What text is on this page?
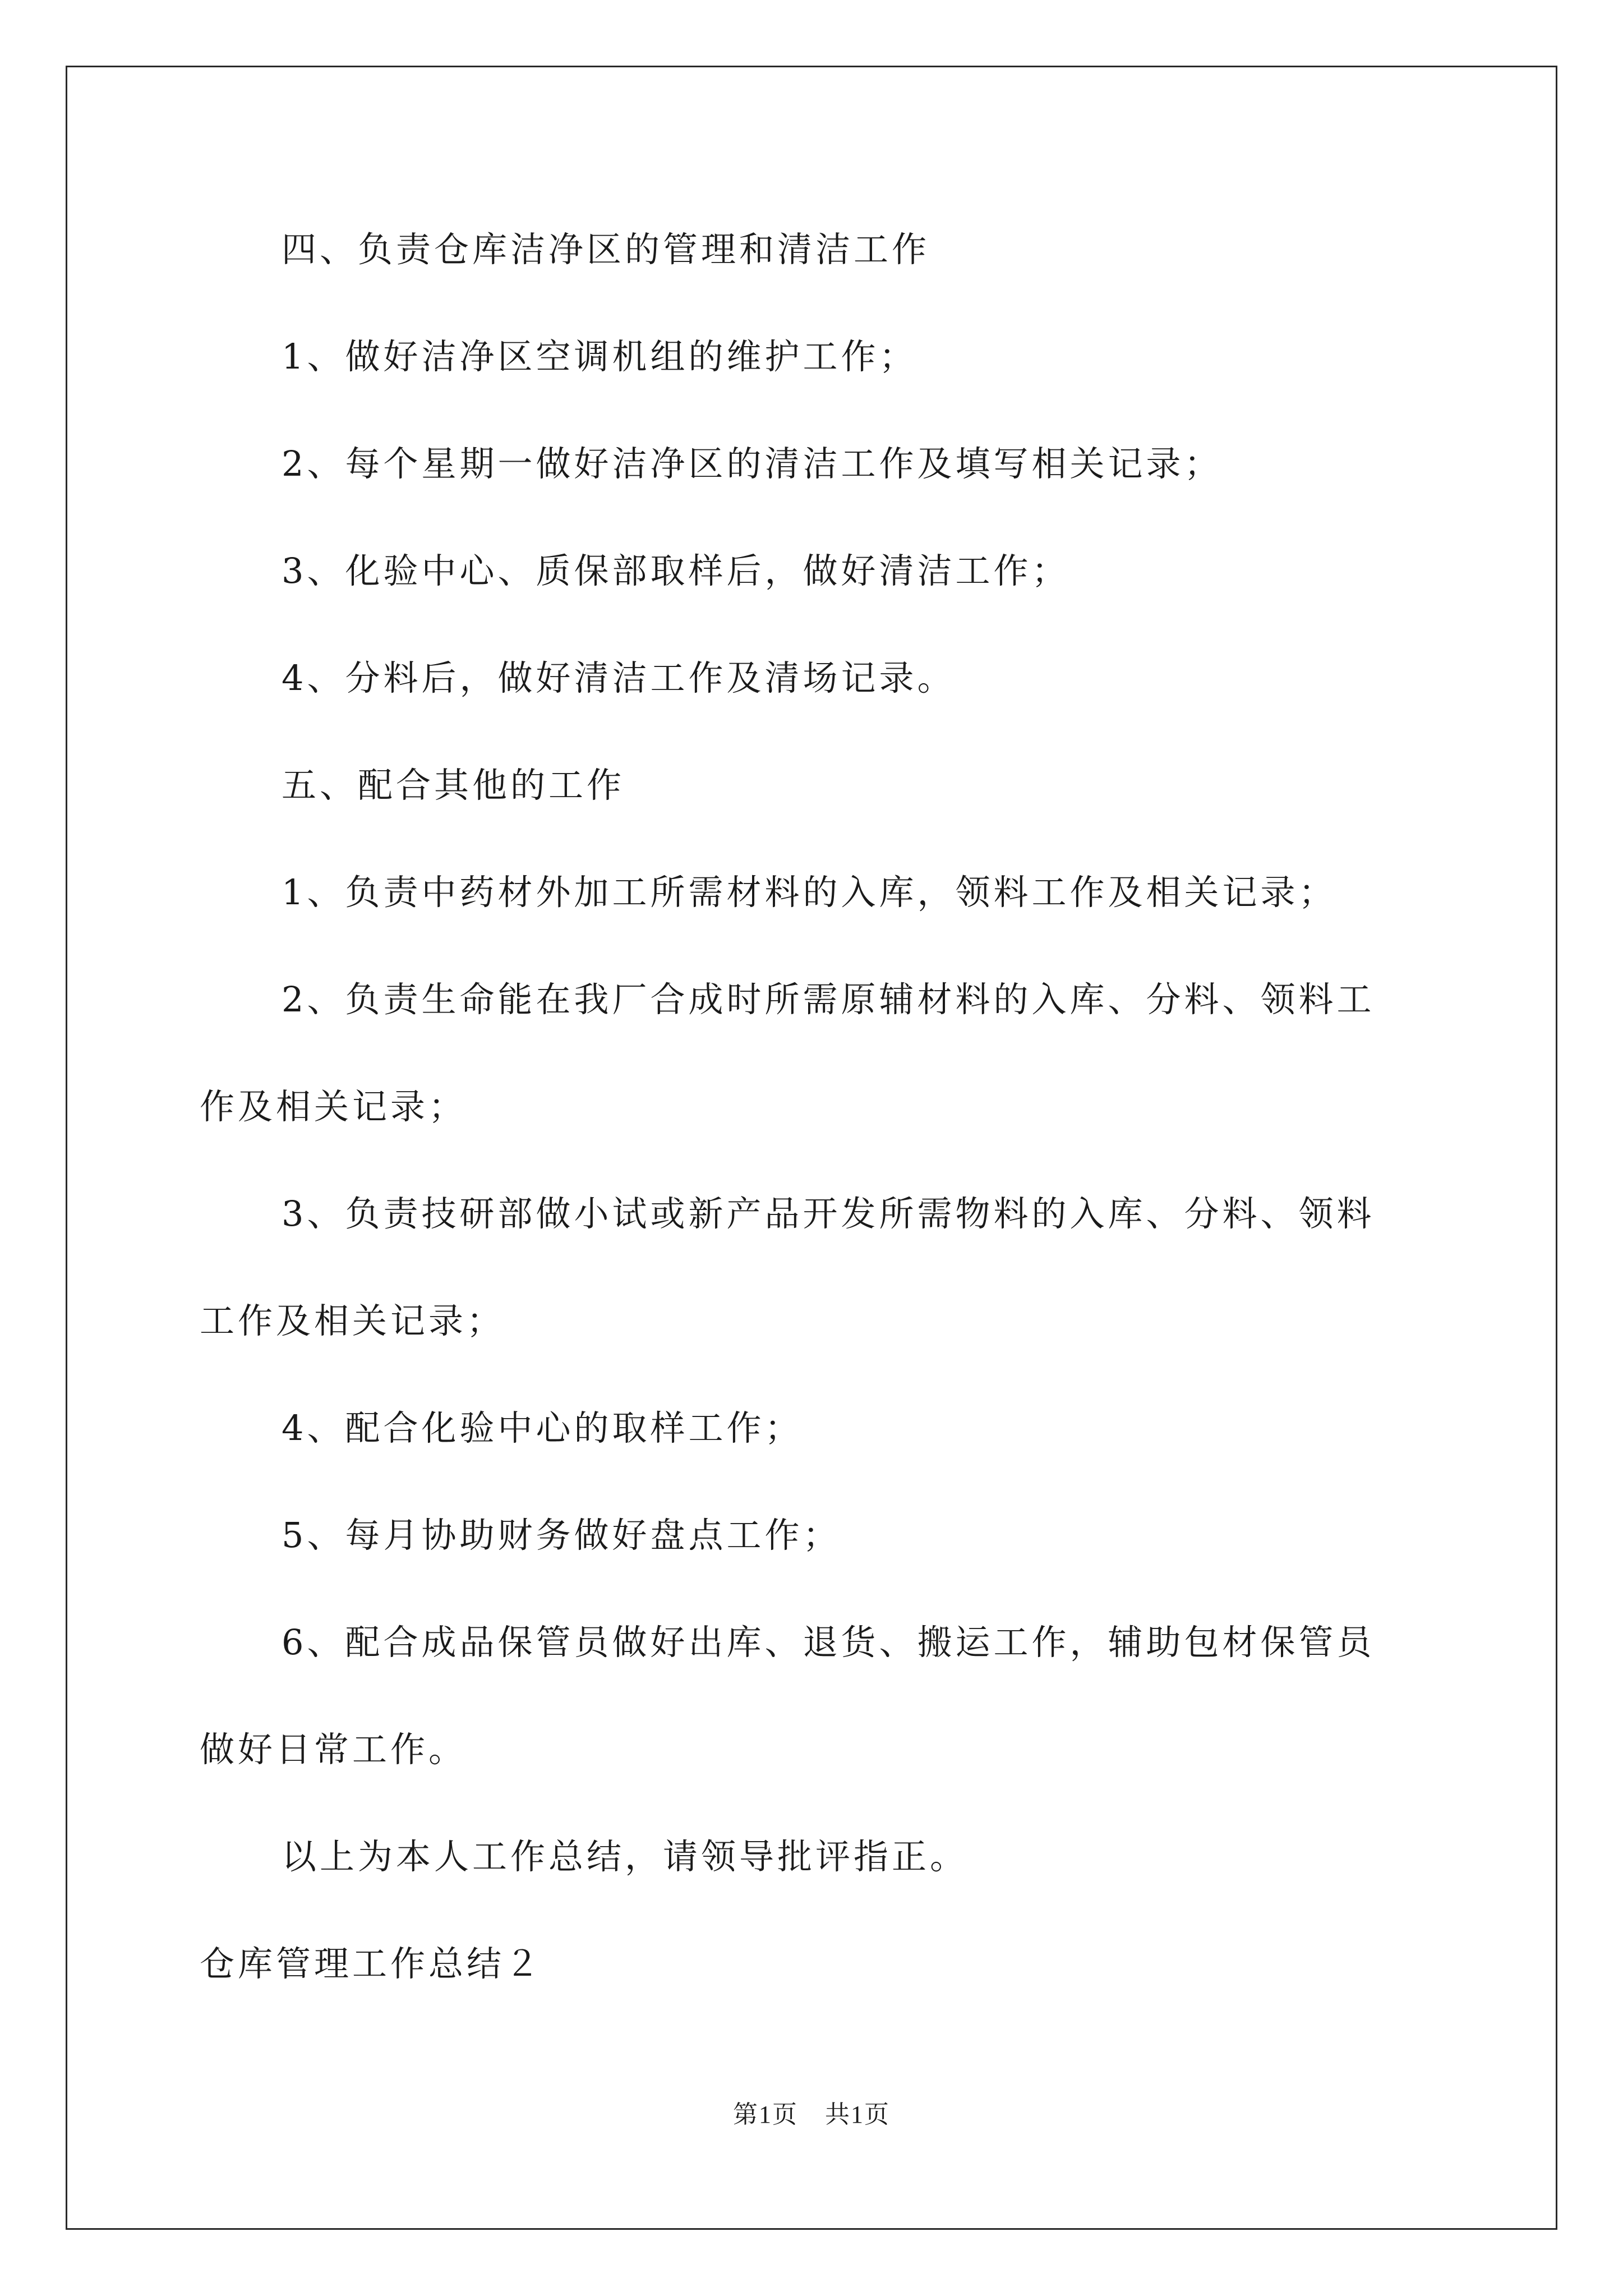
四、负责仓库洁净区的管理和清洁工作
1、做好洁净区空调机组的维护工作；
2、每个星期一做好洁净区的清洁工作及填写相关记录；
3、化验中心、质保部取样后，做好清洁工作；
4、分料后，做好清洁工作及清场记录。
五、配合其他的工作
1、负责中药材外加工所需材料的入库，领料工作及相关记录；
2、负责生命能在我厂合成时所需原辅材料的入库、分料、领料工
作及相关记录；
3、负责技研部做小试或新产品开发所需物料的入库、分料、领料
工作及相关记录；
4、配合化验中心的取样工作；
5、每月协助财务做好盘点工作；
6、配合成品保管员做好出库、退货、搬运工作，辅助包材保管员
做好日常工作。
以上为本人工作总结，请领导批评指正。
仓库管理工作总结２
第1页 共1页
